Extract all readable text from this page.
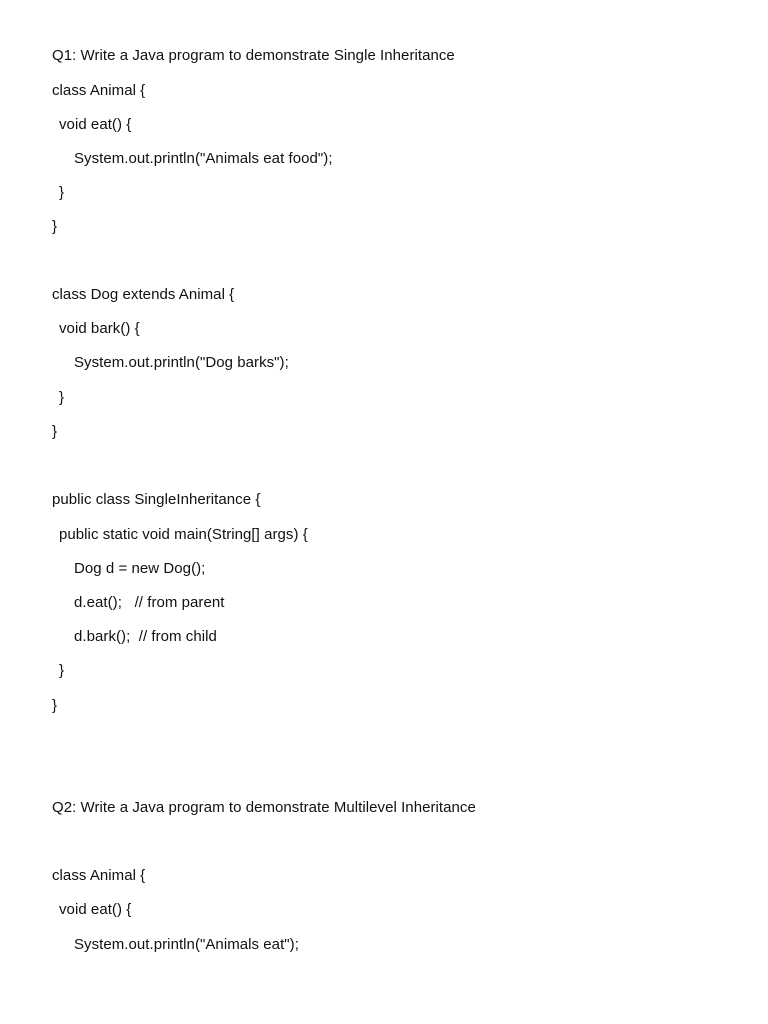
Q1: Write a Java program to demonstrate Single Inheritance
class Animal {
void eat() {
System.out.println("Animals eat food");
}
}
class Dog extends Animal {
void bark() {
System.out.println("Dog barks");
}
}
public class SingleInheritance {
public static void main(String[] args) {
Dog d = new Dog();
d.eat();   // from parent
d.bark();  // from child
}
}
Q2: Write a Java program to demonstrate Multilevel Inheritance
class Animal {
void eat() {
System.out.println("Animals eat");
